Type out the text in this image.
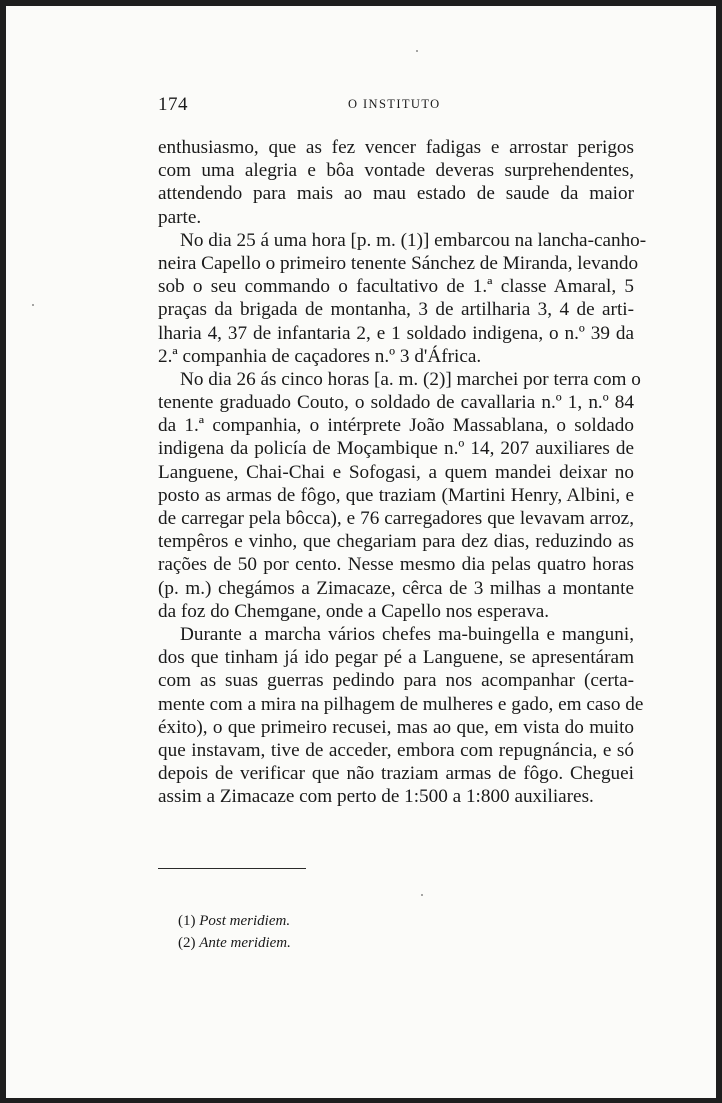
174	O INSTITUTO
enthusiasmo, que as fez vencer fadigas e arrostar perigos
com uma alegria e bôa vontade deveras surprehendentes,
attendendo para mais ao mau estado de saude da maior
parte.
No dia 25 á uma hora [p. m. (1)] embarcou na lancha-canho-
neira Capello o primeiro tenente Sánchez de Miranda, levando
sob o seu commando o facultativo de 1.ª classe Amaral, 5
praças da brigada de montanha, 3 de artilharia 3, 4 de arti-
lharia 4, 37 de infantaria 2, e 1 soldado indigena, o n.º 39 da
2.ª companhia de caçadores n.º 3 d'África.
No dia 26 ás cinco horas [a. m. (2)] marchei por terra com o
tenente graduado Couto, o soldado de cavallaria n.º 1, n.º 84
da 1.ª companhia, o intérprete João Massablana, o soldado
indigena da policía de Moçambique n.º 14, 207 auxiliares de
Languene, Chai-Chai e Sofogasi, a quem mandei deixar no
posto as armas de fôgo, que traziam (Martini Henry, Albini, e
de carregar pela bôcca), e 76 carregadores que levavam arroz,
tempêros e vinho, que chegariam para dez dias, reduzindo as
rações de 50 por cento. Nesse mesmo dia pelas quatro horas
(p. m.) chegámos a Zimacaze, cêrca de 3 milhas a montante
da foz do Chemgane, onde a Capello nos esperava.
Durante a marcha vários chefes ma-buingella e manguni,
dos que tinham já ido pegar pé a Languene, se apresentáram
com as suas guerras pedindo para nos acompanhar (certa-
mente com a mira na pilhagem de mulheres e gado, em caso de
éxito), o que primeiro recusei, mas ao que, em vista do muito
que instavam, tive de acceder, embora com repugnáncia, e só
depois de verificar que não traziam armas de fôgo. Cheguei
assim a Zimacaze com perto de 1:500 a 1:800 auxiliares.
(1) Post meridiem.
(2) Ante meridiem.
